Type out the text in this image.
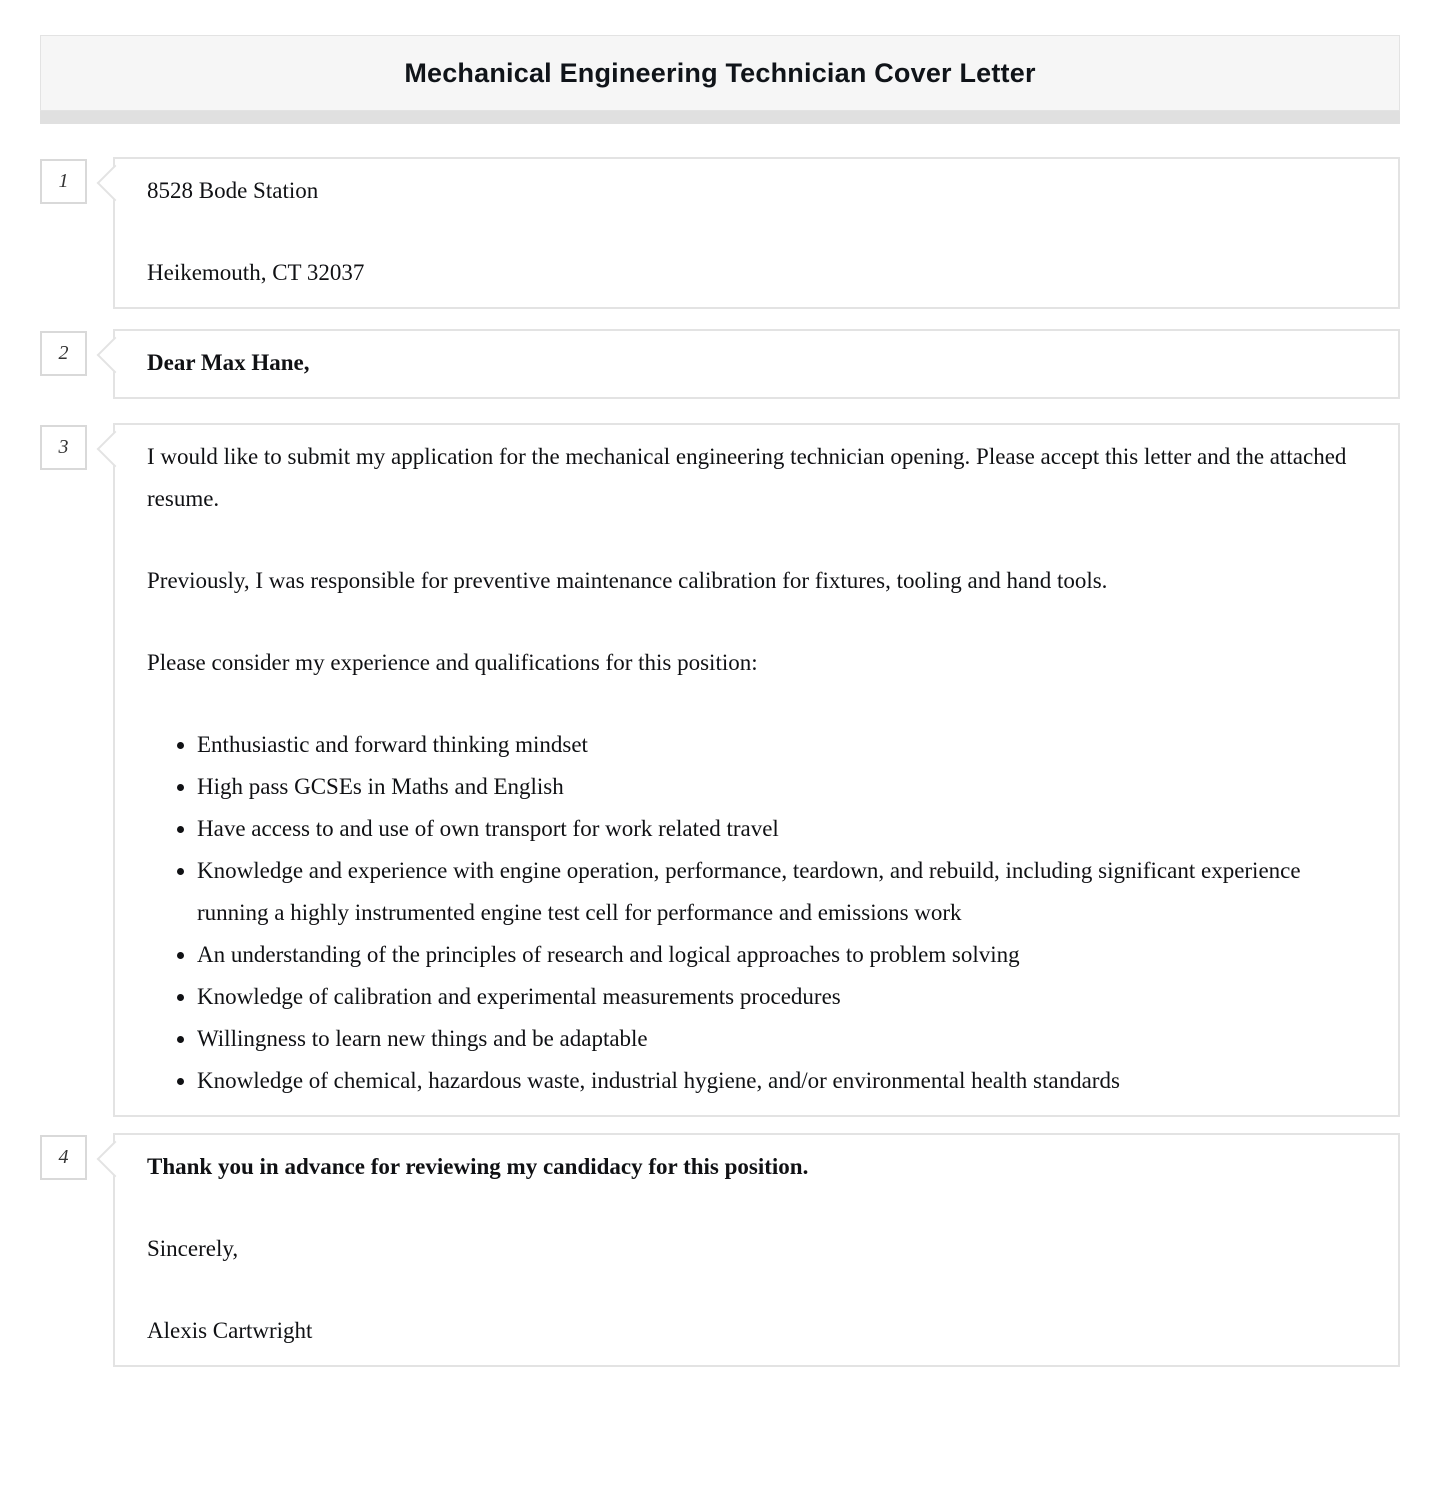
Mechanical Engineering Technician Cover Letter
1	8528 Bode Station

Heikemouth, CT 32037

2	Dear Max Hane,

3	I would like to submit my application for the mechanical engineering technician opening. Please accept this letter and the attached resume.

Previously, I was responsible for preventive maintenance calibration for fixtures, tooling and hand tools.

Please consider my experience and qualifications for this position:

• Enthusiastic and forward thinking mindset
• High pass GCSEs in Maths and English
• Have access to and use of own transport for work related travel
• Knowledge and experience with engine operation, performance, teardown, and rebuild, including significant experience running a highly instrumented engine test cell for performance and emissions work
• An understanding of the principles of research and logical approaches to problem solving
• Knowledge of calibration and experimental measurements procedures
• Willingness to learn new things and be adaptable
• Knowledge of chemical, hazardous waste, industrial hygiene, and/or environmental health standards
4	Thank you in advance for reviewing my candidacy for this position.

Sincerely,

Alexis Cartwright
